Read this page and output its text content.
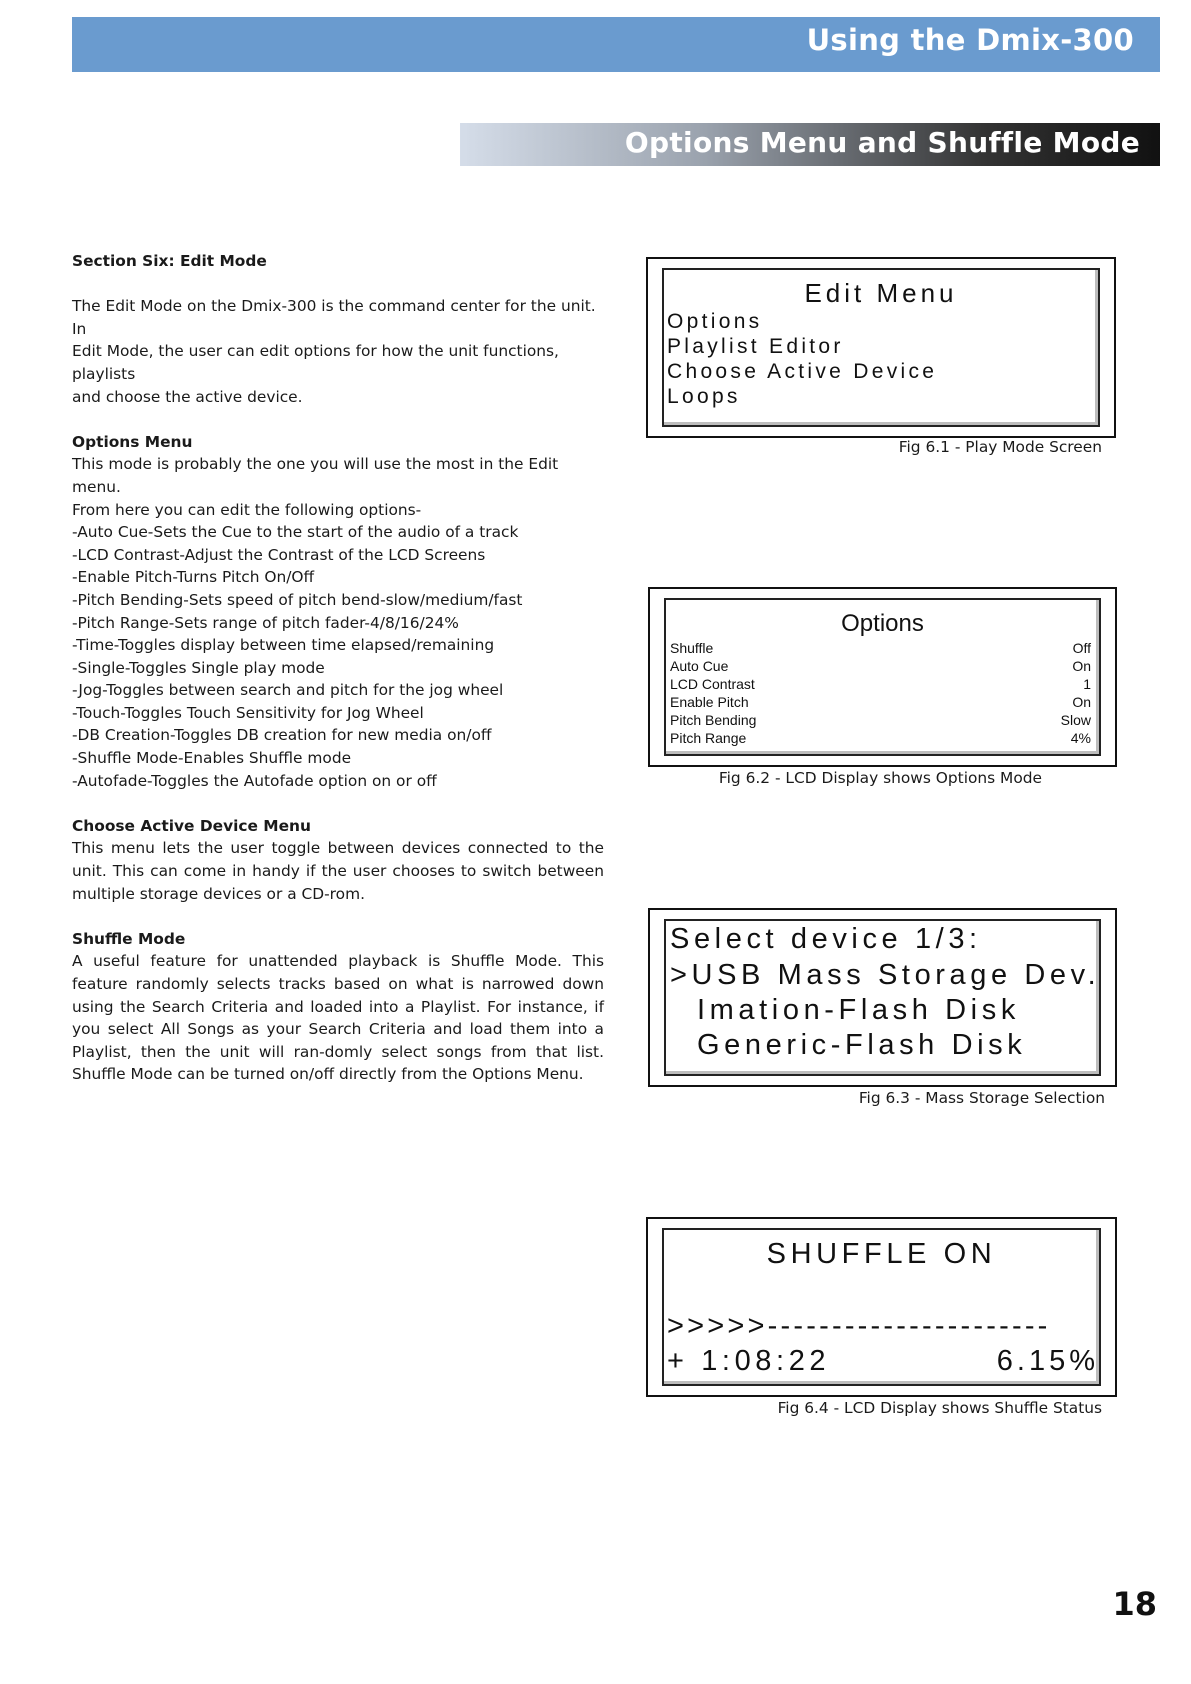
Using the Dmix-300
Options Menu and Shuffle Mode

Section Six: Edit Mode

The Edit Mode on the Dmix-300 is the command center for the unit. In
Edit Mode, the user can edit options for how the unit functions, playlists
and choose the active device.

Options Menu
This mode is probably the one you will use the most in the Edit menu.
From here you can edit the following options-
-Auto Cue-Sets the Cue to the start of the audio of a track
-LCD Contrast-Adjust the Contrast of the LCD Screens
-Enable Pitch-Turns Pitch On/Off
-Pitch Bending-Sets speed of pitch bend-slow/medium/fast
-Pitch Range-Sets range of pitch fader-4/8/16/24%
-Time-Toggles display between time elapsed/remaining
-Single-Toggles Single play mode
-Jog-Toggles between search and pitch for the jog wheel
-Touch-Toggles Touch Sensitivity for Jog Wheel
-DB Creation-Toggles DB creation for new media on/off
-Shuffle Mode-Enables Shuffle mode
-Autofade-Toggles the Autofade option on or off

Choose Active Device Menu
This menu lets the user toggle between devices connected to the unit. This can come in handy if the user chooses to switch between multiple storage devices or a CD-rom.

Shuffle Mode
A useful feature for unattended playback is Shuffle Mode. This feature randomly selects tracks based on what is narrowed down using the Search Criteria and loaded into a Playlist. For instance, if you select All Songs as your Search Criteria and load them into a Playlist, then the unit will ran-domly select songs from that list. Shuffle Mode can be turned on/off directly from the Options Menu.

Edit Menu
Options
Playlist Editor
Choose Active Device
Loops
Fig 6.1 - Play Mode Screen
Options
Shuffle	Off
Auto Cue	On
LCD Contrast	1
Enable Pitch	On
Pitch Bending	Slow
Pitch Range	4%
Fig 6.2 - LCD Display shows Options Mode
Select device 1/3:
>USB Mass Storage Dev.
Imation-Flash Disk
Generic-Flash Disk
Fig 6.3 - Mass Storage Selection
SHUFFLE ON
>>>>>----------------------
+ 1:08:22	6.15%
Fig 6.4 - LCD Display shows Shuffle Status
18
